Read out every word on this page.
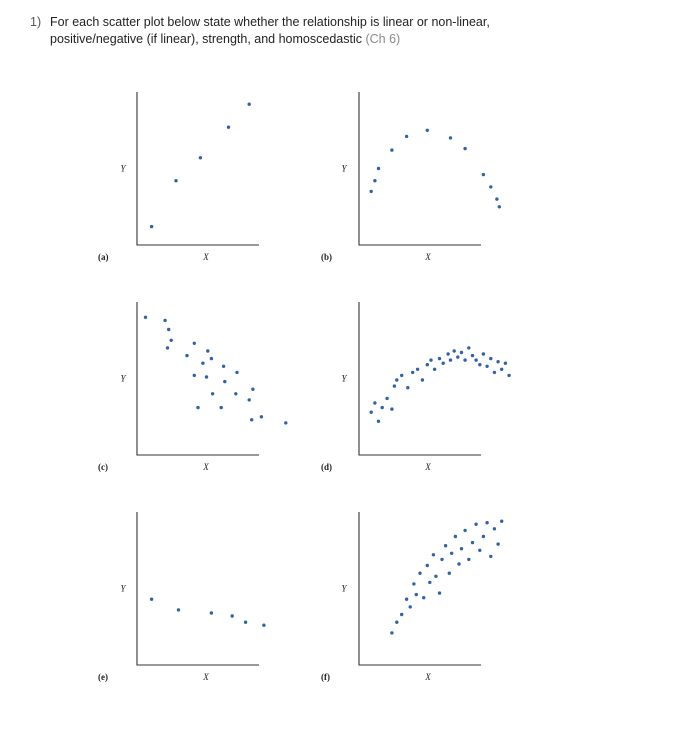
1) For each scatter plot below state whether the relationship is linear or non-linear,
positive/negative (if linear), strength, and homoscedastic (Ch 6)
Y
X
(a)
Y
X
(b)
Y
X
(c)
Y
X
(d)
Y
X
(e)
Y
X
(f)
